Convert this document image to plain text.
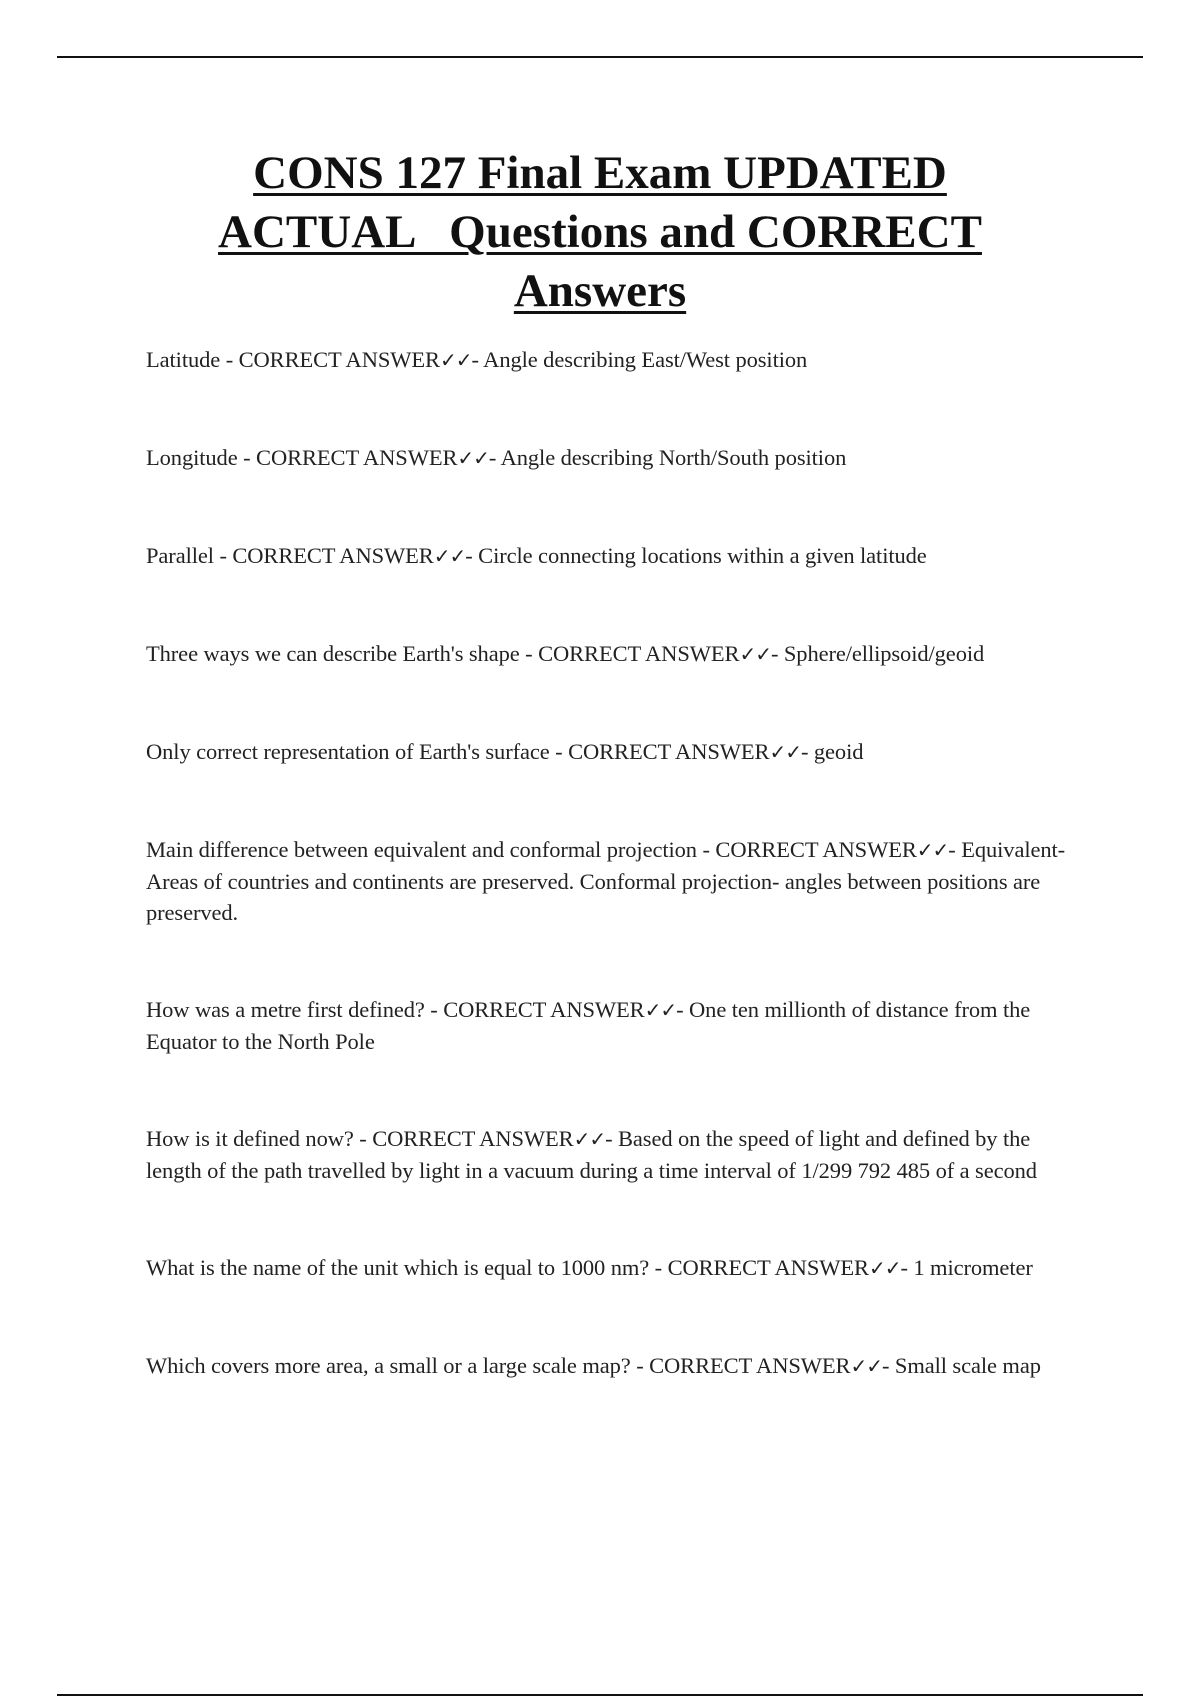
CONS 127 Final Exam UPDATED
ACTUAL   Questions and CORRECT
Answers
Latitude - CORRECT ANSWER✓✓- Angle describing East/West position
Longitude - CORRECT ANSWER✓✓- Angle describing North/South position
Parallel - CORRECT ANSWER✓✓- Circle connecting locations within a given latitude
Three ways we can describe Earth's shape - CORRECT ANSWER✓✓- Sphere/ellipsoid/geoid
Only correct representation of Earth's surface - CORRECT ANSWER✓✓- geoid
Main difference between equivalent and conformal projection - CORRECT ANSWER✓✓- Equivalent- Areas of countries and continents are preserved. Conformal projection- angles between positions are preserved.
How was a metre first defined? - CORRECT ANSWER✓✓- One ten millionth of distance from the Equator to the North Pole
How is it defined now? - CORRECT ANSWER✓✓- Based on the speed of light and defined by the length of the path travelled by light in a vacuum during a time interval of 1/299 792 485 of a second
What is the name of the unit which is equal to 1000 nm? - CORRECT ANSWER✓✓- 1 micrometer
Which covers more area, a small or a large scale map? - CORRECT ANSWER✓✓- Small scale map
